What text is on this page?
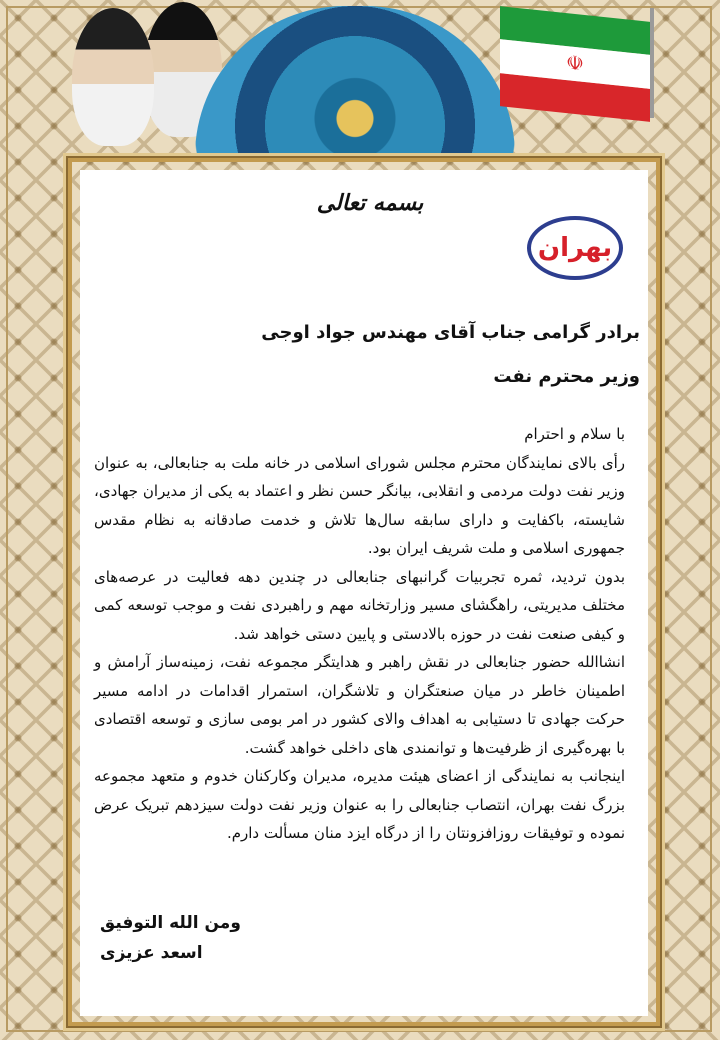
☫
بسمه تعالی
بهران
برادر گرامی جناب آقای مهندس جواد اوجی
وزیر محترم نفت

با سلام و احترام

رأی بالای نمایندگان محترم مجلس شورای اسلامی در خانه ملت به جنابعالی، به عنوان وزیر نفت دولت مردمی و انقلابی، بیانگر حسن نظر و اعتماد به یکی از مدیران جهادی، شایسته، باکفایت و دارای سابقه سال‌ها تلاش و خدمت صادقانه به نظام مقدس جمهوری اسلامی و ملت شریف ایران بود.

بدون تردید، ثمره تجربیات گرانبهای جنابعالی در چندین دهه فعالیت در عرصه‌های مختلف مدیریتی، راهگشای مسیر وزارتخانه مهم و راهبردی نفت و موجب توسعه کمی و کیفی صنعت نفت در حوزه بالادستی و پایین دستی خواهد شد.

انشاالله حضور جنابعالی در نقش راهبر و هدایتگر مجموعه نفت، زمینه‌ساز آرامش و اطمینان خاطر در میان صنعتگران و تلاشگران، استمرار اقدامات در ادامه مسیر حرکت جهادی تا دستیابی به اهداف والای کشور در امر بومی سازی و توسعه اقتصادی با بهره‌گیری از ظرفیت‌ها و توانمندی های داخلی خواهد گشت.

اینجانب به نمایندگی از اعضای هیئت مدیره، مدیران وکارکنان خدوم و متعهد مجموعه بزرگ نفت بهران، انتصاب جنابعالی را به عنوان وزیر نفت دولت سیزدهم تبریک عرض نموده و توفیقات روزافزونتان را از درگاه ایزد منان مسألت دارم.

ومن الله التوفیق
اسعد عزیزی
